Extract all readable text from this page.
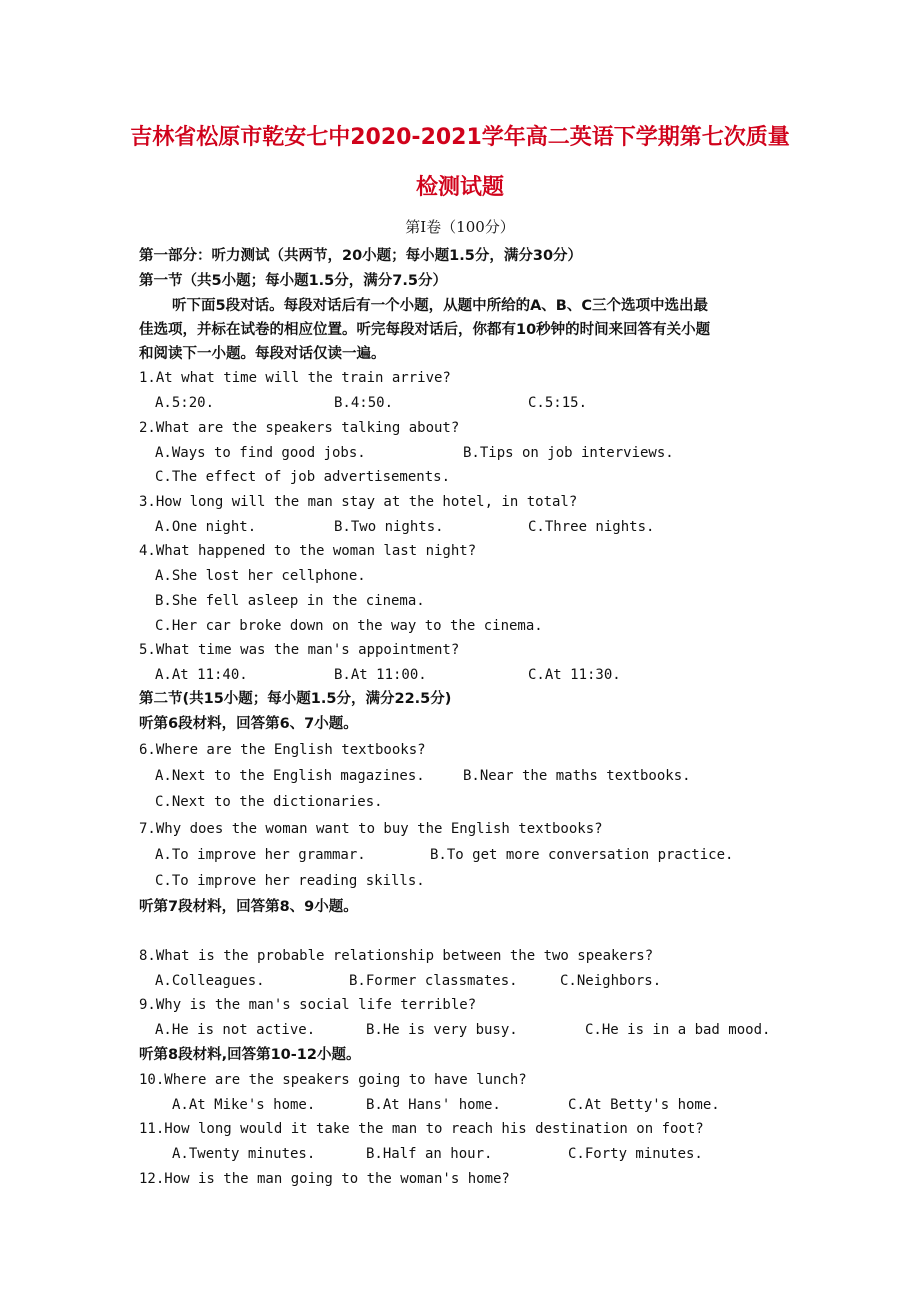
吉林省松原市乾安七中2020-2021学年高二英语下学期第七次质量
检测试题
第Ⅰ卷（100分）
第一部分：听力测试（共两节，20小题；每小题1.5分，满分30分）
第一节（共5小题；每小题1.5分，满分7.5分）
听下面5段对话。每段对话后有一个小题，从题中所给的A、B、C三个选项中选出最
佳选项，并标在试卷的相应位置。听完每段对话后，你都有10秒钟的时间来回答有关小题
和阅读下一小题。每段对话仅读一遍。
1.At what time will the train arrive?
A.5:20.	B.4:50.	C.5:15.
2.What are the speakers talking about?
A.Ways to find good jobs.	B.Tips on job interviews.
C.The effect of job advertisements.
3.How long will the man stay at the hotel, in total?
A.One night.	B.Two nights.	C.Three nights.
4.What happened to the woman last night?
A.She lost her cellphone.
B.She fell asleep in the cinema.
C.Her car broke down on the way to the cinema.
5.What time was the man's appointment?
A.At 11:40.	B.At 11:00.	C.At 11:30.
第二节(共15小题；每小题1.5分，满分22.5分)
听第6段材料，回答第6、7小题。
6.Where are the English textbooks?
A.Next to the English magazines.	B.Near the maths textbooks.
C.Next to the dictionaries.
7.Why does the woman want to buy the English textbooks?
A.To improve her grammar.	B.To get more conversation practice.
C.To improve her reading skills.
听第7段材料，回答第8、9小题。
8.What is the probable relationship between the two speakers?
A.Colleagues.	B.Former classmates.	C.Neighbors.
9.Why is the man's social life terrible?
A.He is not active.	B.He is very busy.	C.He is in a bad mood.
听第8段材料,回答第10-12小题。
10.Where are the speakers going to have lunch?
A.At Mike's home.	B.At Hans' home.	C.At Betty's home.
11.How long would it take the man to reach his destination on foot?
A.Twenty minutes.	B.Half an hour.	C.Forty minutes.
12.How is the man going to the woman's home?
